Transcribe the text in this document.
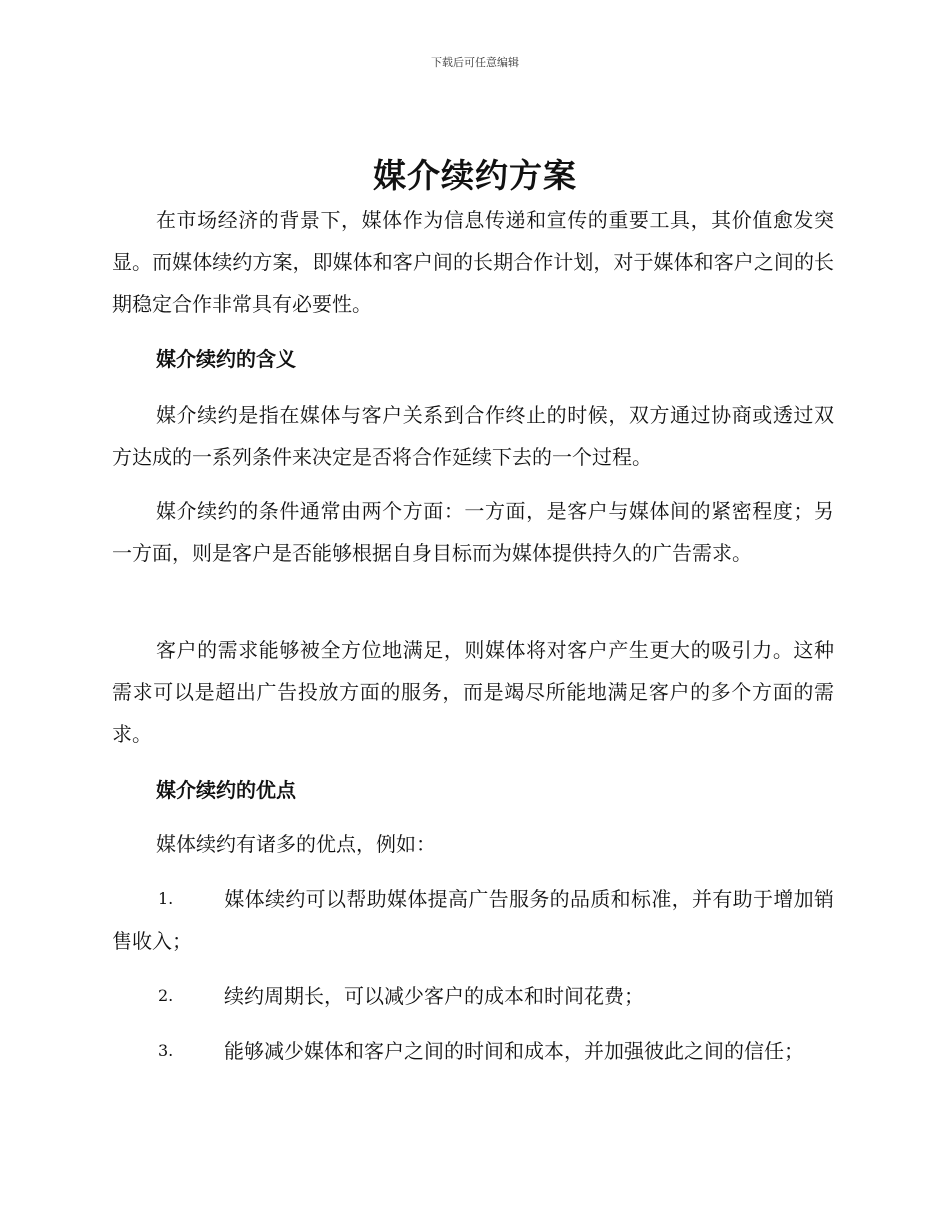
下载后可任意编辑
媒介续约方案

在市场经济的背景下，媒体作为信息传递和宣传的重要工具，其价值愈发突显。而媒体续约方案，即媒体和客户间的长期合作计划，对于媒体和客户之间的长期稳定合作非常具有必要性。

媒介续约的含义

媒介续约是指在媒体与客户关系到合作终止的时候，双方通过协商或透过双方达成的一系列条件来决定是否将合作延续下去的一个过程。

媒介续约的条件通常由两个方面：一方面，是客户与媒体间的紧密程度；另一方面，则是客户是否能够根据自身目标而为媒体提供持久的广告需求。

客户的需求能够被全方位地满足，则媒体将对客户产生更大的吸引力。这种需求可以是超出广告投放方面的服务，而是竭尽所能地满足客户的多个方面的需求。

媒介续约的优点

媒体续约有诸多的优点，例如：

1.	媒体续约可以帮助媒体提高广告服务的品质和标准，并有助于增加销售收入；

2.	续约周期长，可以减少客户的成本和时间花费；

3.	能够减少媒体和客户之间的时间和成本，并加强彼此之间的信任；
